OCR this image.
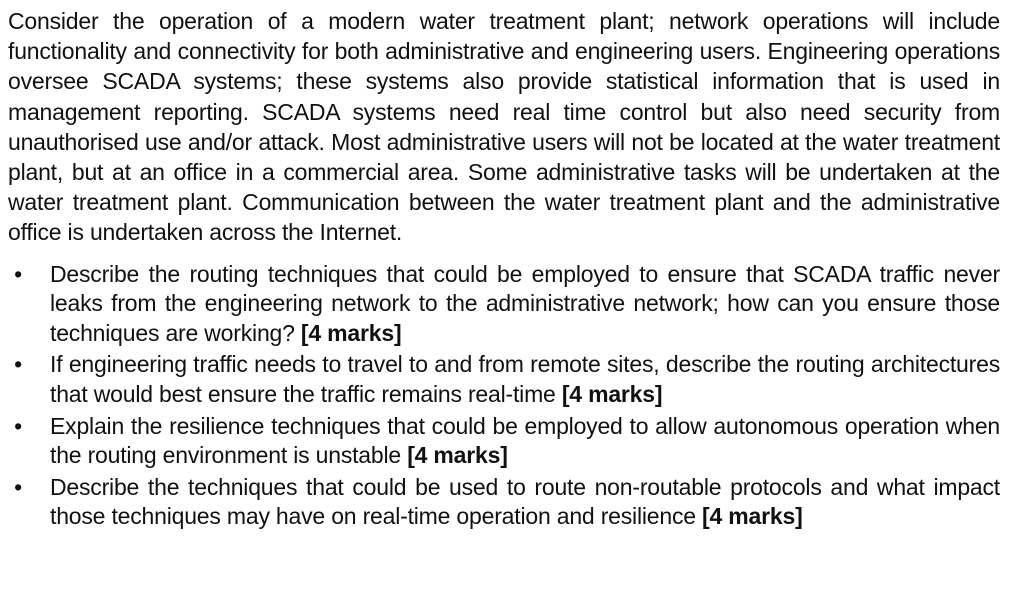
Consider the operation of a modern water treatment plant; network operations will include functionality and connectivity for both administrative and engineering users. Engineering operations oversee SCADA systems; these systems also provide statistical information that is used in management reporting. SCADA systems need real time control but also need security from unauthorised use and/or attack. Most administrative users will not be located at the water treatment plant, but at an office in a commercial area. Some administrative tasks will be undertaken at the water treatment plant. Communication between the water treatment plant and the administrative office is undertaken across the Internet.

• Describe the routing techniques that could be employed to ensure that SCADA traffic never leaks from the engineering network to the administrative network; how can you ensure those techniques are working? [4 marks]
• If engineering traffic needs to travel to and from remote sites, describe the routing architectures that would best ensure the traffic remains real-time [4 marks]
• Explain the resilience techniques that could be employed to allow autonomous operation when the routing environment is unstable [4 marks]
• Describe the techniques that could be used to route non-routable protocols and what impact those techniques may have on real-time operation and resilience [4 marks]
